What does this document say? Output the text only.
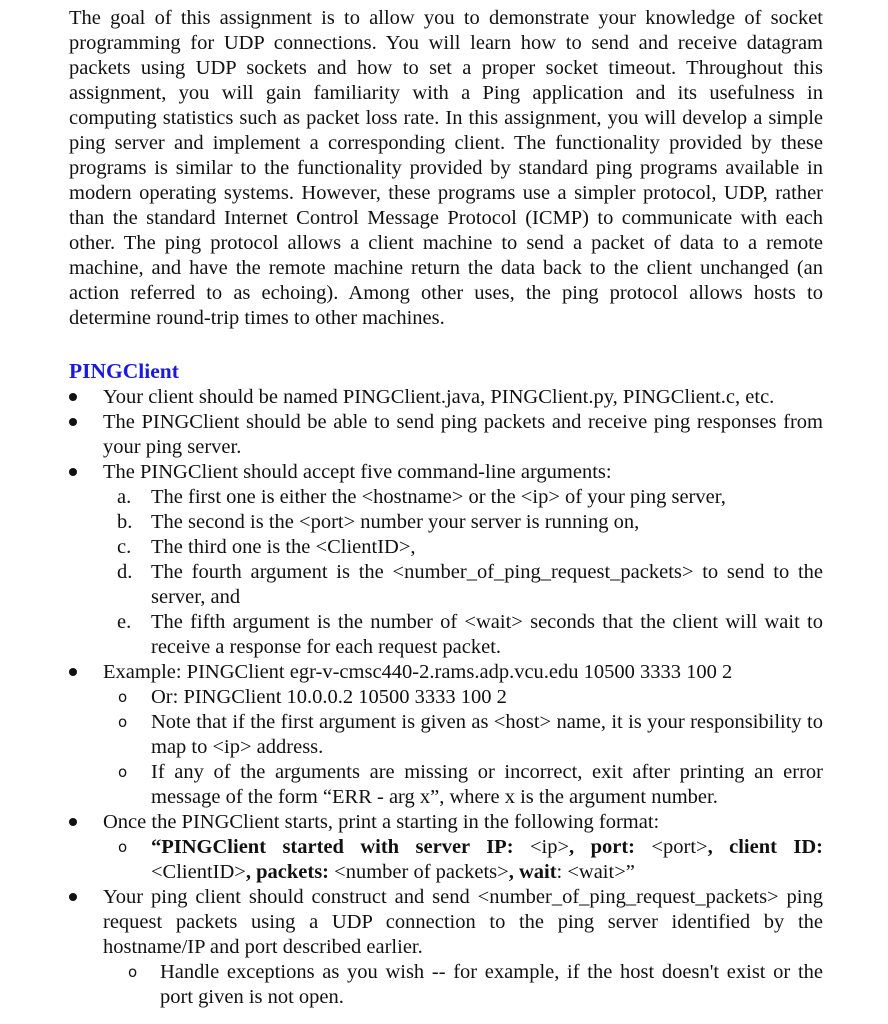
The goal of this assignment is to allow you to demonstrate your knowledge of socket programming for UDP connections. You will learn how to send and receive datagram packets using UDP sockets and how to set a proper socket timeout. Throughout this assignment, you will gain familiarity with a Ping application and its usefulness in computing statistics such as packet loss rate. In this assignment, you will develop a simple ping server and implement a corresponding client. The functionality provided by these programs is similar to the functionality provided by standard ping programs available in modern operating systems. However, these programs use a simpler protocol, UDP, rather than the standard Internet Control Message Protocol (ICMP) to communicate with each other. The ping protocol allows a client machine to send a packet of data to a remote machine, and have the remote machine return the data back to the client unchanged (an action referred to as echoing). Among other uses, the ping protocol allows hosts to determine round-trip times to other machines.

PINGClient
Your client should be named PINGClient.java, PINGClient.py, PINGClient.c, etc.
The PINGClient should be able to send ping packets and receive ping responses from your ping server.
The PINGClient should accept five command-line arguments:
a. The first one is either the <hostname> or the <ip> of your ping server,
b. The second is the <port> number your server is running on,
c. The third one is the <ClientID>,
d. The fourth argument is the <number_of_ping_request_packets> to send to the server, and
e. The fifth argument is the number of <wait> seconds that the client will wait to receive a response for each request packet.
Example: PINGClient egr-v-cmsc440-2.rams.adp.vcu.edu 10500 3333 100 2
o Or: PINGClient 10.0.0.2 10500 3333 100 2
o Note that if the first argument is given as <host> name, it is your responsibility to map to <ip> address.
o If any of the arguments are missing or incorrect, exit after printing an error message of the form “ERR - arg x”, where x is the argument number.
Once the PINGClient starts, print a starting in the following format:
o “PINGClient started with server IP: <ip>, port: <port>, client ID: <ClientID>, packets: <number of packets>, wait: <wait>”
Your ping client should construct and send <number_of_ping_request_packets> ping request packets using a UDP connection to the ping server identified by the hostname/IP and port described earlier.
o Handle exceptions as you wish -- for example, if the host doesn't exist or the port given is not open.
